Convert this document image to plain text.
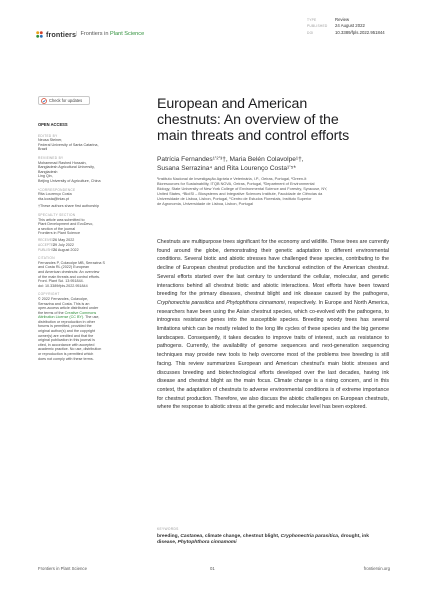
frontiers | Frontiers in Plant Science
TYPE	Review
PUBLISHED 24 August 2022
DOI	10.3389/fpls.2022.951844
Check for updates
OPEN ACCESS
EDITED BY
Neusa Steiner,
Federal University of Santa Catarina,
Brazil
REVIEWED BY
Mohammad Rashed Hossain,
Bangladesh Agricultural University,
Bangladesh
Ling Qin,
Beijing University of Agriculture, China
*CORRESPONDENCE
Rita Lourenço Costa
rita.lcosta@iniav.pt
†These authors share first authorship
SPECIALTY SECTION
This article was submitted to
Plant Development and EvoDevo,
a section of the journal
Frontiers in Plant Science
RECEIVED26 May 2022
ACCEPTED29 July 2022
PUBLISHED24 August 2022
CITATION
Fernandes P, Colavolpe MB, Serrazina S
and Costa RL (2022) European
and American chestnuts: An overview
of the main threats and control efforts.
Front. Plant Sci. 13:951844.
doi: 10.3389/fpls.2022.951844
COPYRIGHT
© 2022 Fernandes, Colavolpe,
Serrazina and Costa. This is an
open-access article distributed under
the terms of the Creative Commons
Attribution License (CC BY). The use,
distribution or reproduction in other
forums is permitted, provided the
original author(s) and the copyright
owner(s) are credited and that the
original publication in this journal is
cited, in accordance with accepted
academic practice. No use, distribution
or reproduction is permitted which
does not comply with these terms.
European and American
chestnuts: An overview of the
main threats and control efforts
Patrícia Fernandes¹ʼ²ʼ³†, Maria Belén Colavolpe¹†,
Susana Serrazina⁴ and Rita Lourenço Costa¹ʼ⁵*
¹Instituto Nacional de Investigação Agrária e Veterinária, I.P., Oeiras, Portugal, ²Green-It
Bioresources for Sustainability, ITQB NOVA, Oeiras, Portugal, ³Department of Environmental
Biology, State University of New York College of Environmental Science and Forestry, Syracuse, NY,
United States, ⁴BioISI – Biosystems and Integrative Sciences Institute, Faculdade de Ciências da
Universidade de Lisboa, Lisbon, Portugal, ⁵Centro de Estudos Florestais, Instituto Superior
de Agronomia, Universidade de Lisboa, Lisbon, Portugal
Chestnuts are multipurpose trees significant for the economy and wildlife. These trees are currently found around the globe, demonstrating their genetic adaptation to different environmental conditions. Several biotic and abiotic stresses have challenged these species, contributing to the decline of European chestnut production and the functional extinction of the American chestnut. Several efforts started over the last century to understand the cellular, molecular, and genetic interactions behind all chestnut biotic and abiotic interactions. Most efforts have been toward breeding for the primary diseases, chestnut blight and ink disease caused by the pathogens, Cryphonectria parasitica and Phytophthora cinnamomi, respectively. In Europe and North America, researchers have been using the Asian chestnut species, which co-evolved with the pathogens, to introgress resistance genes into the susceptible species. Breeding woody trees has several limitations which can be mostly related to the long life cycles of these species and the big genome landscapes. Consequently, it takes decades to improve traits of interest, such as resistance to pathogens. Currently, the availability of genome sequences and next-generation sequencing techniques may provide new tools to help overcome most of the problems tree breeding is still facing. This review summarizes European and American chestnut's main biotic stresses and discusses breeding and biotechnological efforts developed over the last decades, having ink disease and chestnut blight as the main focus. Climate change is a rising concern, and in this context, the adaptation of chestnuts to adverse environmental conditions is of extreme importance for chestnut production. Therefore, we also discuss the abiotic challenges on European chestnuts, where the response to abiotic stress at the genetic and molecular level has been explored.
KEYWORDS
breeding, Castanea, climate change, chestnut blight, Cryphonectria parasitica, drought, ink disease, Phytophthora cinnamomi
Frontiers in Plant Science	01	frontiersin.org
